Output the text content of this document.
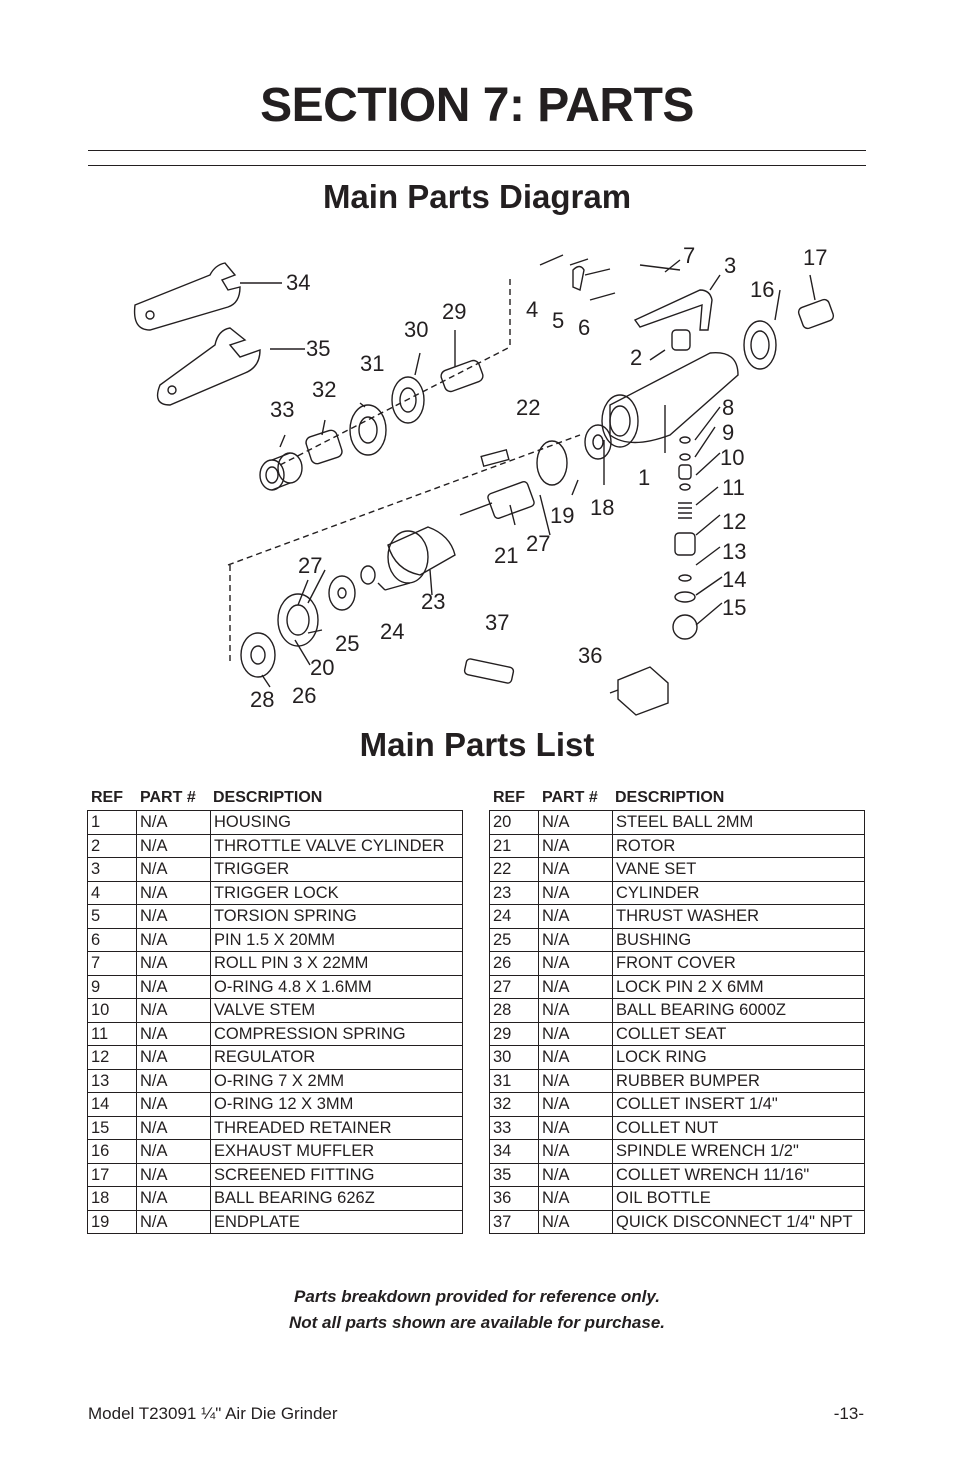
SECTION 7: PARTS
Main Parts Diagram
1
2
3
4 5 6
7
8
9
10
11
12
13
14
15
16
17
18
19
20
21
22
23
24
25
26
27
27
28
29
30
31
32
33
34
35
36
37
Main Parts List
REF	PART #	DESCRIPTION
1	N/A	HOUSING
2	N/A	THROTTLE VALVE CYLINDER
3	N/A	TRIGGER
4	N/A	TRIGGER LOCK
5	N/A	TORSION SPRING
6	N/A	PIN 1.5 X 20MM
7	N/A	ROLL PIN 3 X 22MM
9	N/A	O-RING 4.8 X 1.6MM
10	N/A	VALVE STEM
11	N/A	COMPRESSION SPRING
12	N/A	REGULATOR
13	N/A	O-RING 7 X 2MM
14	N/A	O-RING 12 X 3MM
15	N/A	THREADED RETAINER
16	N/A	EXHAUST MUFFLER
17	N/A	SCREENED FITTING
18	N/A	BALL BEARING 626Z
19	N/A	ENDPLATE
REF	PART #	DESCRIPTION
20	N/A	STEEL BALL 2MM
21	N/A	ROTOR
22	N/A	VANE SET
23	N/A	CYLINDER
24	N/A	THRUST WASHER
25	N/A	BUSHING
26	N/A	FRONT COVER
27	N/A	LOCK PIN 2 X 6MM
28	N/A	BALL BEARING 6000Z
29	N/A	COLLET SEAT
30	N/A	LOCK RING
31	N/A	RUBBER BUMPER
32	N/A	COLLET INSERT 1/4"
33	N/A	COLLET NUT
34	N/A	SPINDLE WRENCH 1/2"
35	N/A	COLLET WRENCH 11/16"
36	N/A	OIL BOTTLE
37	N/A	QUICK DISCONNECT 1/4" NPT
Parts breakdown provided for reference only.
Not all parts shown are available for purchase.
Model T23091 ¼" Air Die Grinder	-13-
